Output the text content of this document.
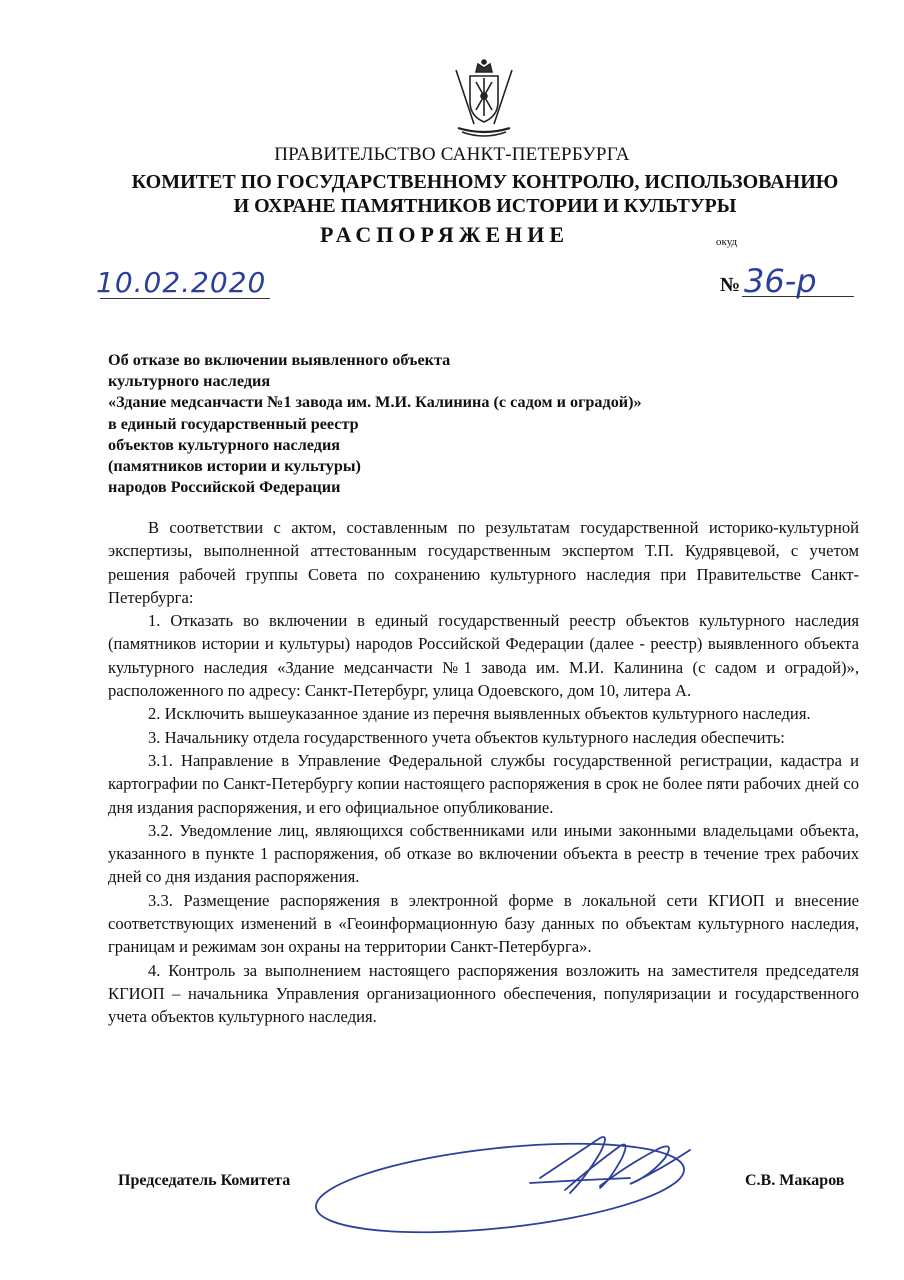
ПРАВИТЕЛЬСТВО САНКТ-ПЕТЕРБУРГА
КОМИТЕТ ПО ГОСУДАРСТВЕННОМУ КОНТРОЛЮ, ИСПОЛЬЗОВАНИЮ
И ОХРАНЕ ПАМЯТНИКОВ ИСТОРИИ И КУЛЬТУРЫ
РАСПОРЯЖЕНИЕ	окуд
10.02.2020	№ 36-р
Об отказе во включении выявленного объекта
культурного наследия
«Здание медсанчасти №1 завода им. М.И. Калинина (с садом и оградой)»
в единый государственный реестр
объектов культурного наследия
(памятников истории и культуры)
народов Российской Федерации

В соответствии с актом, составленным по результатам государственной историко-культурной экспертизы, выполненной аттестованным государственным экспертом Т.П. Кудрявцевой, с учетом решения рабочей группы Совета по сохранению культурного наследия при Правительстве Санкт-Петербурга:

1. Отказать во включении в единый государственный реестр объектов культурного наследия (памятников истории и культуры) народов Российской Федерации (далее - реестр) выявленного объекта культурного наследия «Здание медсанчасти №1 завода им. М.И. Калинина (с садом и оградой)», расположенного по адресу: Санкт-Петербург, улица Одоевского, дом 10, литера А.

2. Исключить вышеуказанное здание из перечня выявленных объектов культурного наследия.

3. Начальнику отдела государственного учета объектов культурного наследия обеспечить:

3.1. Направление в Управление Федеральной службы государственной регистрации, кадастра и картографии по Санкт-Петербургу копии настоящего распоряжения в срок не более пяти рабочих дней со дня издания распоряжения, и его официальное опубликование.

3.2. Уведомление лиц, являющихся собственниками или иными законными владельцами объекта, указанного в пункте 1 распоряжения, об отказе во включении объекта в реестр в течение трех рабочих дней со дня издания распоряжения.

3.3. Размещение распоряжения в электронной форме в локальной сети КГИОП и внесение соответствующих изменений в «Геоинформационную базу данных по объектам культурного наследия, границам и режимам зон охраны на территории Санкт-Петербурга».

4. Контроль за выполнением настоящего распоряжения возложить на заместителя председателя КГИОП – начальника Управления организационного обеспечения, популяризации и государственного учета объектов культурного наследия.

Председатель Комитета	С.В. Макаров
